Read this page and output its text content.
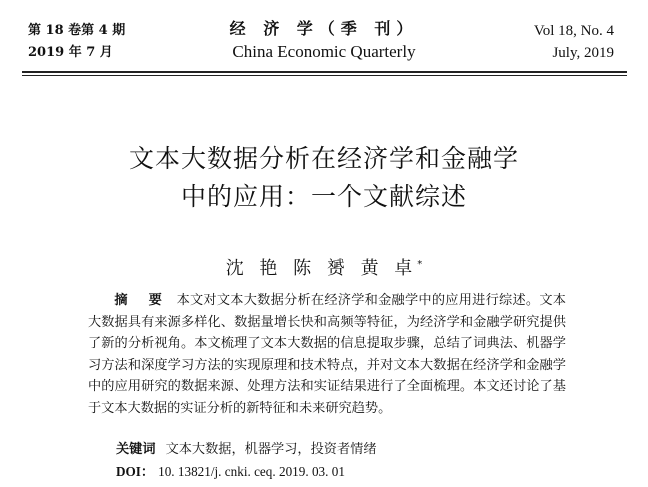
第 18 卷第 4 期
2019 年 7 月
经 济 学（季 刊）
China Economic Quarterly
Vol 18, No. 4
July, 2019
文本大数据分析在经济学和金融学
中的应用：一个文献综述
沈 艳 陈 赟 黄 卓*
摘 要 本文对文本大数据分析在经济学和金融学中的应用进行综述。文本大数据具有来源多样化、数据量增长快和高频等特征，为经济学和金融学研究提供了新的分析视角。本文梳理了文本大数据的信息提取步骤，总结了词典法、机器学习方法和深度学习方法的实现原理和技术特点，并对文本大数据在经济学和金融学中的应用研究的数据来源、处理方法和实证结果进行了全面梳理。本文还讨论了基于文本大数据的实证分析的新特征和未来研究趋势。
关键词 文本大数据，机器学习，投资者情绪
DOI： 10. 13821/j. cnki. ceq. 2019. 03. 01
